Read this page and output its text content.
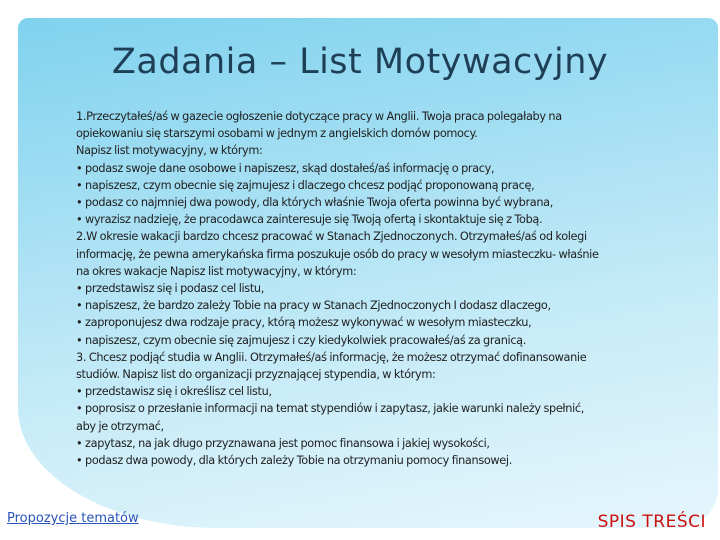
Zadania – List Motywacyjny
1.Przeczytałeś/aś w gazecie ogłoszenie dotyczące pracy w Anglii. Twoja praca polegałaby na
opiekowaniu się starszymi osobami w jednym z angielskich domów pomocy.
Napisz list motywacyjny, w którym:
• podasz swoje dane osobowe i napiszesz, skąd dostałeś/aś informację o pracy,
• napiszesz, czym obecnie się zajmujesz i dlaczego chcesz podjąć proponowaną pracę,
• podasz co najmniej dwa powody, dla których właśnie Twoja oferta powinna być wybrana,
• wyrazisz nadzieję, że pracodawca zainteresuje się Twoją ofertą i skontaktuje się z Tobą.
2.W okresie wakacji bardzo chcesz pracować w Stanach Zjednoczonych. Otrzymałeś/aś od kolegi
informację, że pewna amerykańska firma poszukuje osób do pracy w wesołym miasteczku- właśnie
na okres wakacje Napisz list motywacyjny, w którym:
• przedstawisz się i podasz cel listu,
• napiszesz, że bardzo zależy Tobie na pracy w Stanach Zjednoczonych I dodasz dlaczego,
• zaproponujesz dwa rodzaje pracy, którą możesz wykonywać w wesołym miasteczku,
• napiszesz, czym obecnie się zajmujesz i czy kiedykolwiek pracowałeś/aś za granicą.
3. Chcesz podjąć studia w Anglii. Otrzymałeś/aś informację, że możesz otrzymać dofinansowanie
studiów. Napisz list do organizacji przyznającej stypendia, w którym:
• przedstawisz się i określisz cel listu,
• poprosisz o przesłanie informacji na temat stypendiów i zapytasz, jakie warunki należy spełnić,
aby je otrzymać,
• zapytasz, na jak długo przyznawana jest pomoc finansowa i jakiej wysokości,
• podasz dwa powody, dla których zależy Tobie na otrzymaniu pomocy finansowej.
Propozycje tematów	SPIS TREŚCI
